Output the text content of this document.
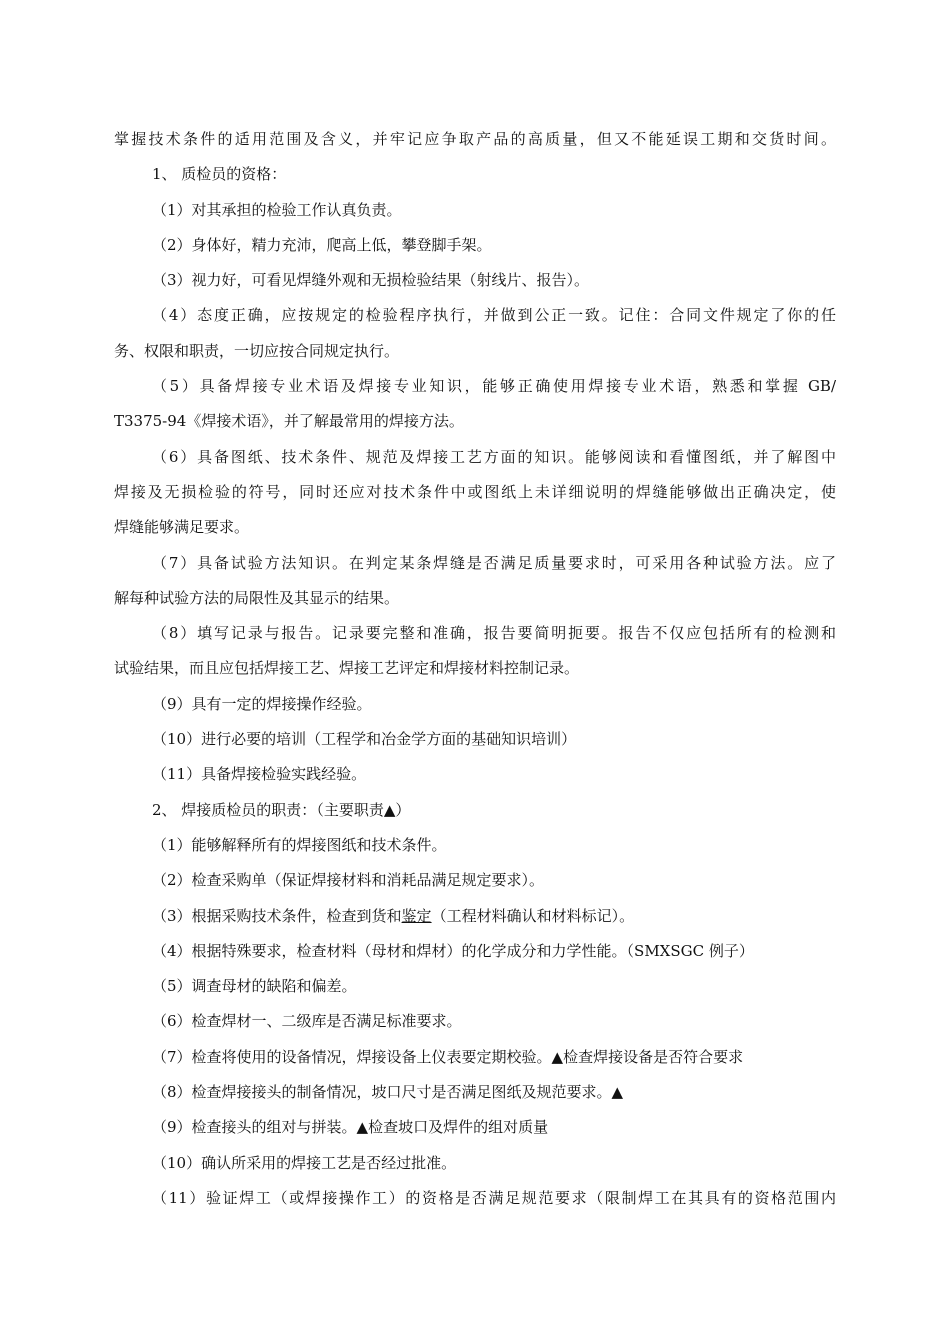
掌握技术条件的适用范围及含义，并牢记应争取产品的高质量，但又不能延误工期和交货时间。
1、 质检员的资格：
（1）对其承担的检验工作认真负责。
（2）身体好，精力充沛，爬高上低，攀登脚手架。
（3）视力好，可看见焊缝外观和无损检验结果（射线片、报告）。
（4）态度正确，应按规定的检验程序执行，并做到公正一致。记住：合同文件规定了你的任
务、权限和职责，一切应按合同规定执行。
（5）具备焊接专业术语及焊接专业知识，能够正确使用焊接专业术语，熟悉和掌握 GB/
T3375-94《焊接术语》，并了解最常用的焊接方法。
（6）具备图纸、技术条件、规范及焊接工艺方面的知识。能够阅读和看懂图纸，并了解图中
焊接及无损检验的符号，同时还应对技术条件中或图纸上未详细说明的焊缝能够做出正确决定，使
焊缝能够满足要求。
（7）具备试验方法知识。在判定某条焊缝是否满足质量要求时，可采用各种试验方法。应了
解每种试验方法的局限性及其显示的结果。
（8）填写记录与报告。记录要完整和准确，报告要简明扼要。报告不仅应包括所有的检测和
试验结果，而且应包括焊接工艺、焊接工艺评定和焊接材料控制记录。
（9）具有一定的焊接操作经验。
（10）进行必要的培训（工程学和冶金学方面的基础知识培训）
（11）具备焊接检验实践经验。
2、 焊接质检员的职责：（主要职责▲）
（1）能够解释所有的焊接图纸和技术条件。
（2）检查采购单（保证焊接材料和消耗品满足规定要求）。
（3）根据采购技术条件，检查到货和鉴定（工程材料确认和材料标记）。
（4）根据特殊要求，检查材料（母材和焊材）的化学成分和力学性能。（SMXSGC 例子）
（5）调查母材的缺陷和偏差。
（6）检查焊材一、二级库是否满足标准要求。
（7）检查将使用的设备情况，焊接设备上仪表要定期校验。▲检查焊接设备是否符合要求
（8）检查焊接接头的制备情况，坡口尺寸是否满足图纸及规范要求。▲
（9）检查接头的组对与拼装。▲检查坡口及焊件的组对质量
（10）确认所采用的焊接工艺是否经过批准。
（11）验证焊工（或焊接操作工）的资格是否满足规范要求（限制焊工在其具有的资格范围内
